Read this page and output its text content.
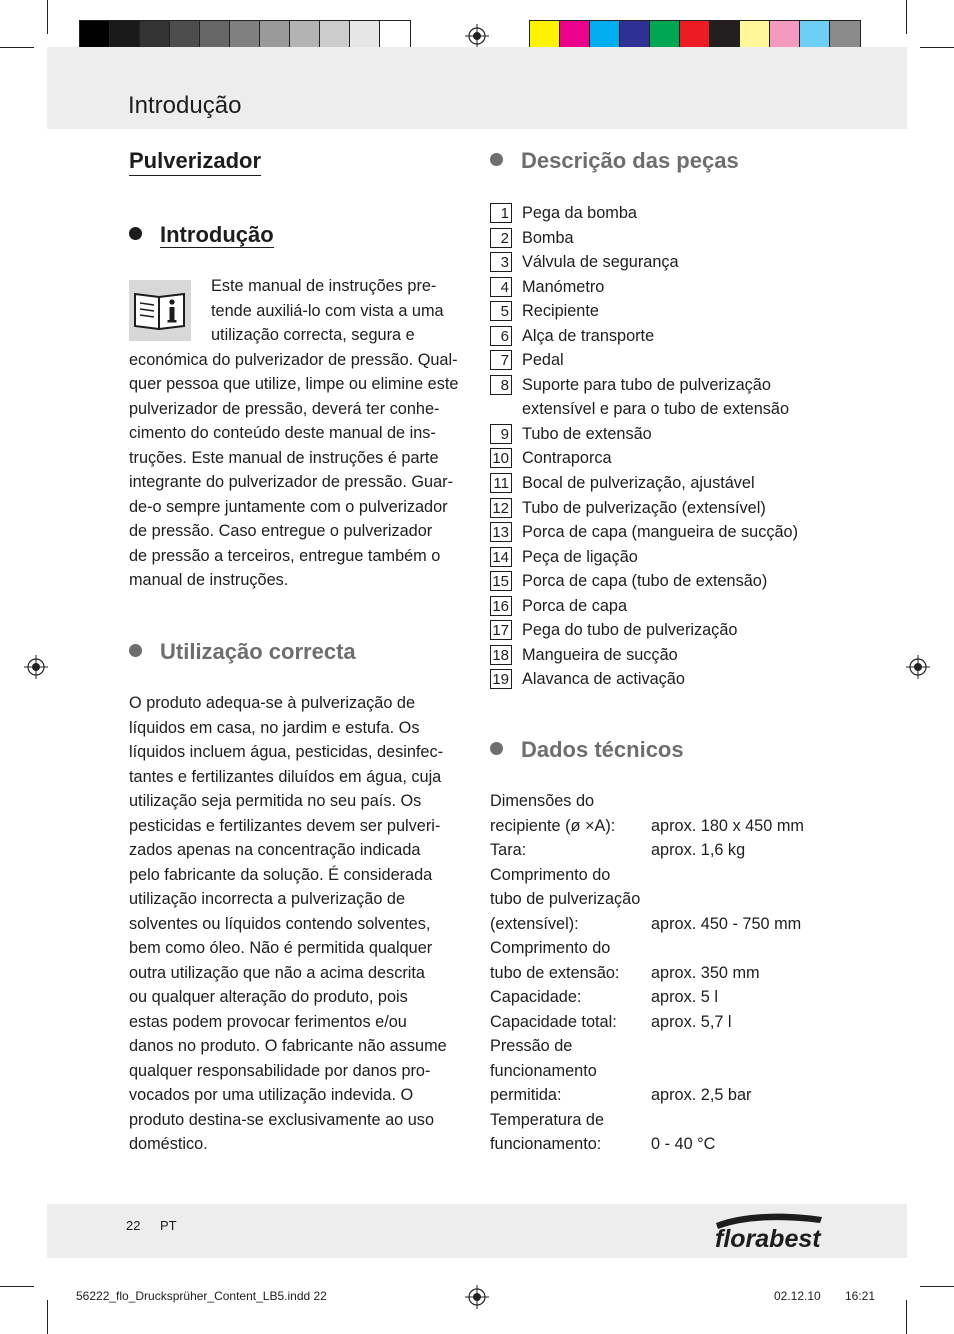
Introdução
Pulverizador
Introdução
Este manual de instruções pre-
tende auxiliá-lo com vista a uma
utilização correcta, segura e
económica do pulverizador de pressão. Qual-
quer pessoa que utilize, limpe ou elimine este
pulverizador de pressão, deverá ter conhe-
cimento do conteúdo deste manual de ins-
truções. Este manual de instruções é parte
integrante do pulverizador de pressão. Guar-
de-o sempre juntamente com o pulverizador
de pressão. Caso entregue o pulverizador
de pressão a terceiros, entregue também o
manual de instruções.
Utilização correcta
O produto adequa-se à pulverização de
líquidos em casa, no jardim e estufa. Os
líquidos incluem água, pesticidas, desinfec-
tantes e fertilizantes diluídos em água, cuja
utilização seja permitida no seu país. Os
pesticidas e fertilizantes devem ser pulveri-
zados apenas na concentração indicada
pelo fabricante da solução. É considerada
utilização incorrecta a pulverização de
solventes ou líquidos contendo solventes,
bem como óleo. Não é permitida qualquer
outra utilização que não a acima descrita
ou qualquer alteração do produto, pois
estas podem provocar ferimentos e/ou
danos no produto. O fabricante não assume
qualquer responsabilidade por danos pro-
vocados por uma utilização indevida. O
produto destina-se exclusivamente ao uso
doméstico.
Descrição das peças
1 Pega da bomba
2 Bomba
3 Válvula de segurança
4 Manómetro
5 Recipiente
6 Alça de transporte
7 Pedal
8 Suporte para tubo de pulverização
extensível e para o tubo de extensão
9 Tubo de extensão
10 Contraporca
11 Bocal de pulverização, ajustável
12 Tubo de pulverização (extensível)
13 Porca de capa (mangueira de sucção)
14 Peça de ligação
15 Porca de capa (tubo de extensão)
16 Porca de capa
17 Pega do tubo de pulverização
18 Mangueira de sucção
19 Alavanca de activação
Dados técnicos
Dimensões do
recipiente (ø ×A):	aprox. 180 x 450 mm
Tara:	aprox. 1,6 kg
Comprimento do
tubo de pulverização
(extensível):	aprox. 450 - 750 mm
Comprimento do
tubo de extensão:	aprox. 350 mm
Capacidade:	aprox. 5 l
Capacidade total:	aprox. 5,7 l
Pressão de
funcionamento
permitida:	aprox. 2,5 bar
Temperatura de
funcionamento:	0 - 40 °C
22 PT	florabest
56222_flo_Drucksprüher_Content_LB5.indd 22	02.12.10 16:21
